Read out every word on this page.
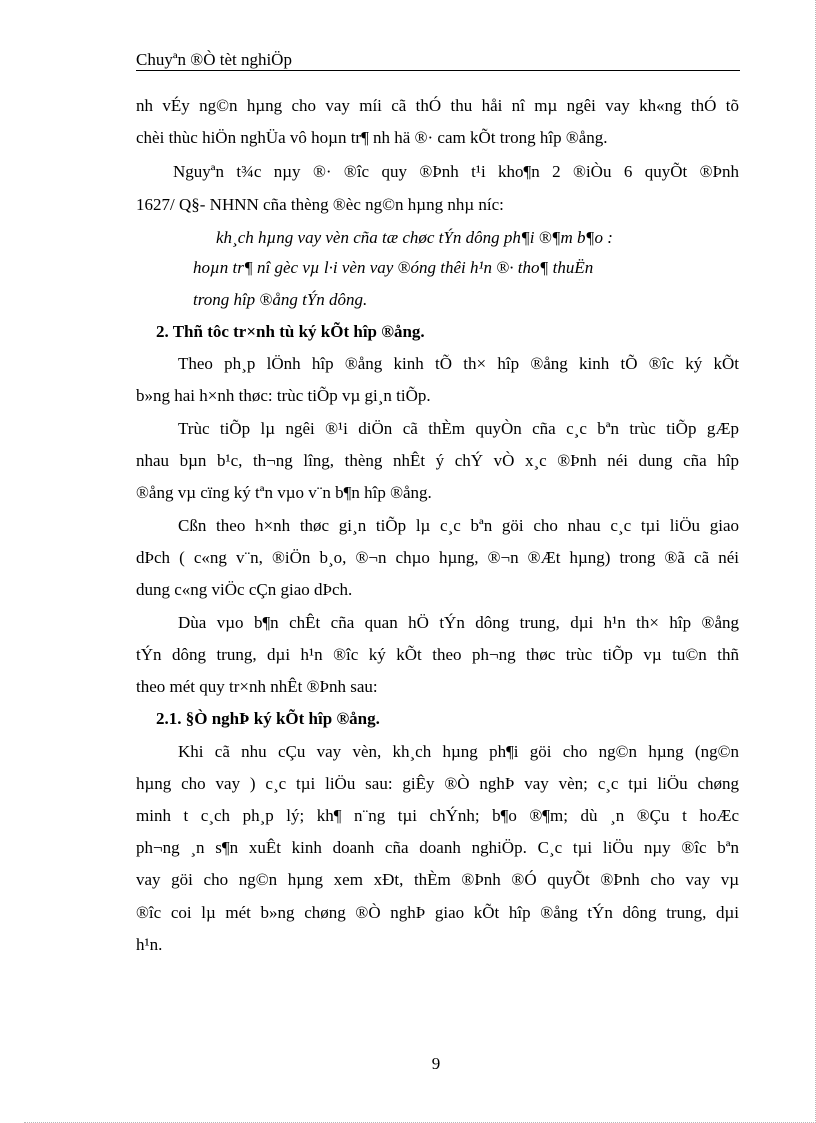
Chuyªn ®Ò tèt nghiÖp
nh vÉy ng©n hµng cho vay míi cã thÓ thu håi nî mµ ngêi vay kh«ng thÓ tõ
chèi thùc hiÖn nghÜa vô hoµn tr¶ nh hä ®· cam kÕt trong hîp ®ång.
Nguyªn t¾c nµy ®· ®îc quy ®Þnh t¹i kho¶n 2 ®iÒu 6 quyÕt ®Þnh
1627/ Q§- NHNN cña thèng ®èc ng©n hµng nhµ níc:
kh¸ch hµng vay vèn cña tæ chøc tÝn dông ph¶i ®¶m b¶o :
hoµn tr¶ nî gèc vµ l·i vèn vay ®óng thêi h¹n ®· tho¶ thuËn
trong hîp ®ång tÝn dông.
2. Thñ tôc tr×nh tù ký kÕt hîp ®ång.
Theo ph¸p lÖnh hîp ®ång kinh tÕ th× hîp ®ång kinh tÕ ®îc ký kÕt
b»ng hai h×nh thøc: trùc tiÕp vµ gi¸n tiÕp.
Trùc tiÕp lµ ngêi ®¹i diÖn cã thÈm quyÒn cña c¸c bªn trùc tiÕp gÆp
nhau bµn b¹c, th¬ng lîng, thèng nhÊt ý chÝ vÒ x¸c ®Þnh néi dung cña hîp
®ång vµ cïng ký tªn vµo v¨n b¶n hîp ®ång.
Cßn theo h×nh thøc gi¸n tiÕp lµ c¸c bªn göi cho nhau c¸c tµi liÖu giao
dÞch ( c«ng v¨n, ®iÖn b¸o, ®¬n chµo hµng, ®¬n ®Æt hµng) trong ®ã cã néi
dung c«ng viÖc cÇn giao dÞch.
Dùa vµo b¶n chÊt cña quan hÖ tÝn dông trung, dµi h¹n th× hîp ®ång
tÝn dông trung, dµi h¹n ®îc ký kÕt theo ph¬ng thøc trùc tiÕp vµ tu©n thñ
theo mét quy tr×nh nhÊt ®Þnh sau:
2.1. §Ò nghÞ ký kÕt hîp ®ång.
Khi cã nhu cÇu vay vèn, kh¸ch hµng ph¶i göi cho ng©n hµng (ng©n
hµng cho vay ) c¸c tµi liÖu sau: giÊy ®Ò nghÞ vay vèn; c¸c tµi liÖu chøng
minh t c¸ch ph¸p lý; kh¶ n¨ng tµi chÝnh; b¶o ®¶m; dù ¸n ®Çu t hoÆc
ph¬ng ¸n s¶n xuÊt kinh doanh cña doanh nghiÖp. C¸c tµi liÖu nµy ®îc bªn
vay göi cho ng©n hµng xem xÐt, thÈm ®Þnh ®Ó quyÕt ®Þnh cho vay vµ
®îc coi lµ mét b»ng chøng ®Ò nghÞ giao kÕt hîp ®ång tÝn dông trung, dµi
h¹n.
9
